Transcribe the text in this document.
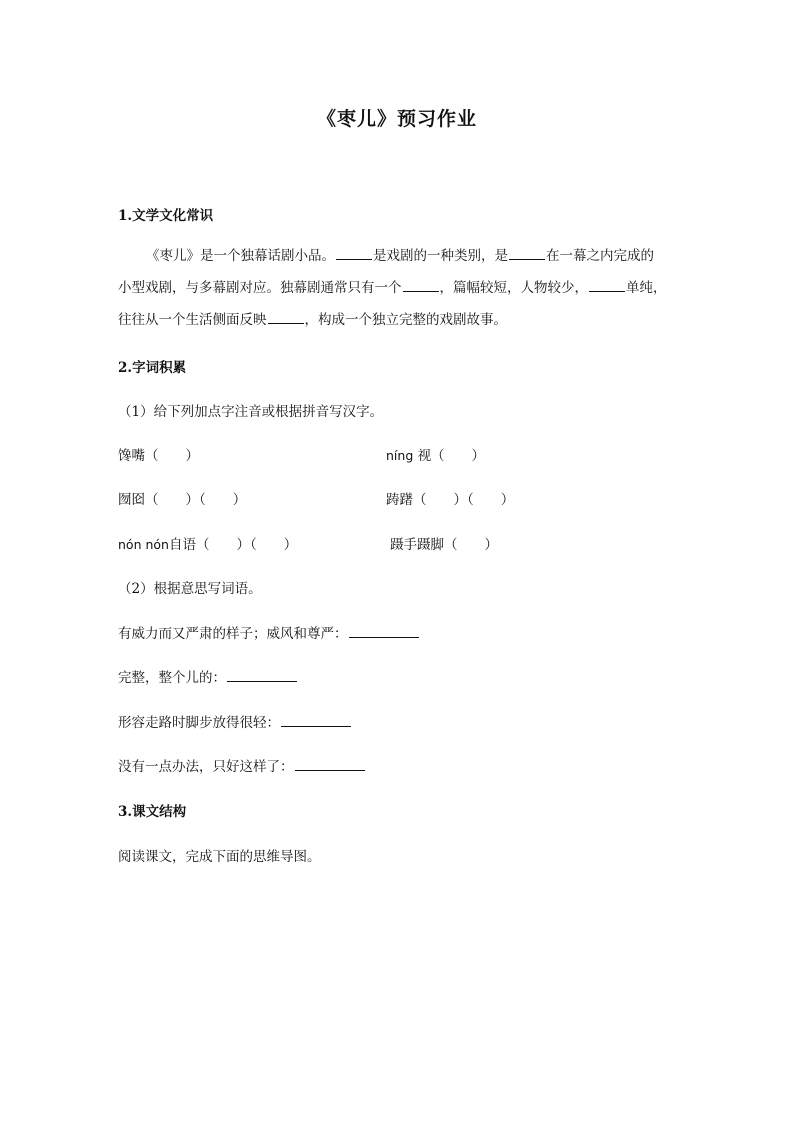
《枣儿》预习作业
1.文学文化常识
《枣儿》是一个独幕话剧小品。	是戏剧的一种类别，是	在一幕之内完成的
小型戏剧，与多幕剧对应。独幕剧通常只有一个	，篇幅较短，人物较少，	单纯，
往往从一个生活侧面反映	，构成一个独立完整的戏剧故事。
2.字词积累
（1）给下列加点字注音或根据拼音写汉字。
馋嘴（　　）	níng 视（　　）
囫囵（　　）（　　）	踌躇（　　）（　　）
nón nón自语（　　）（　　）	蹑手蹑脚（　　）
（2）根据意思写词语。
有威力而又严肃的样子；威风和尊严：
完整，整个儿的：
形容走路时脚步放得很轻：
没有一点办法，只好这样了：
3.课文结构
阅读课文，完成下面的思维导图。
